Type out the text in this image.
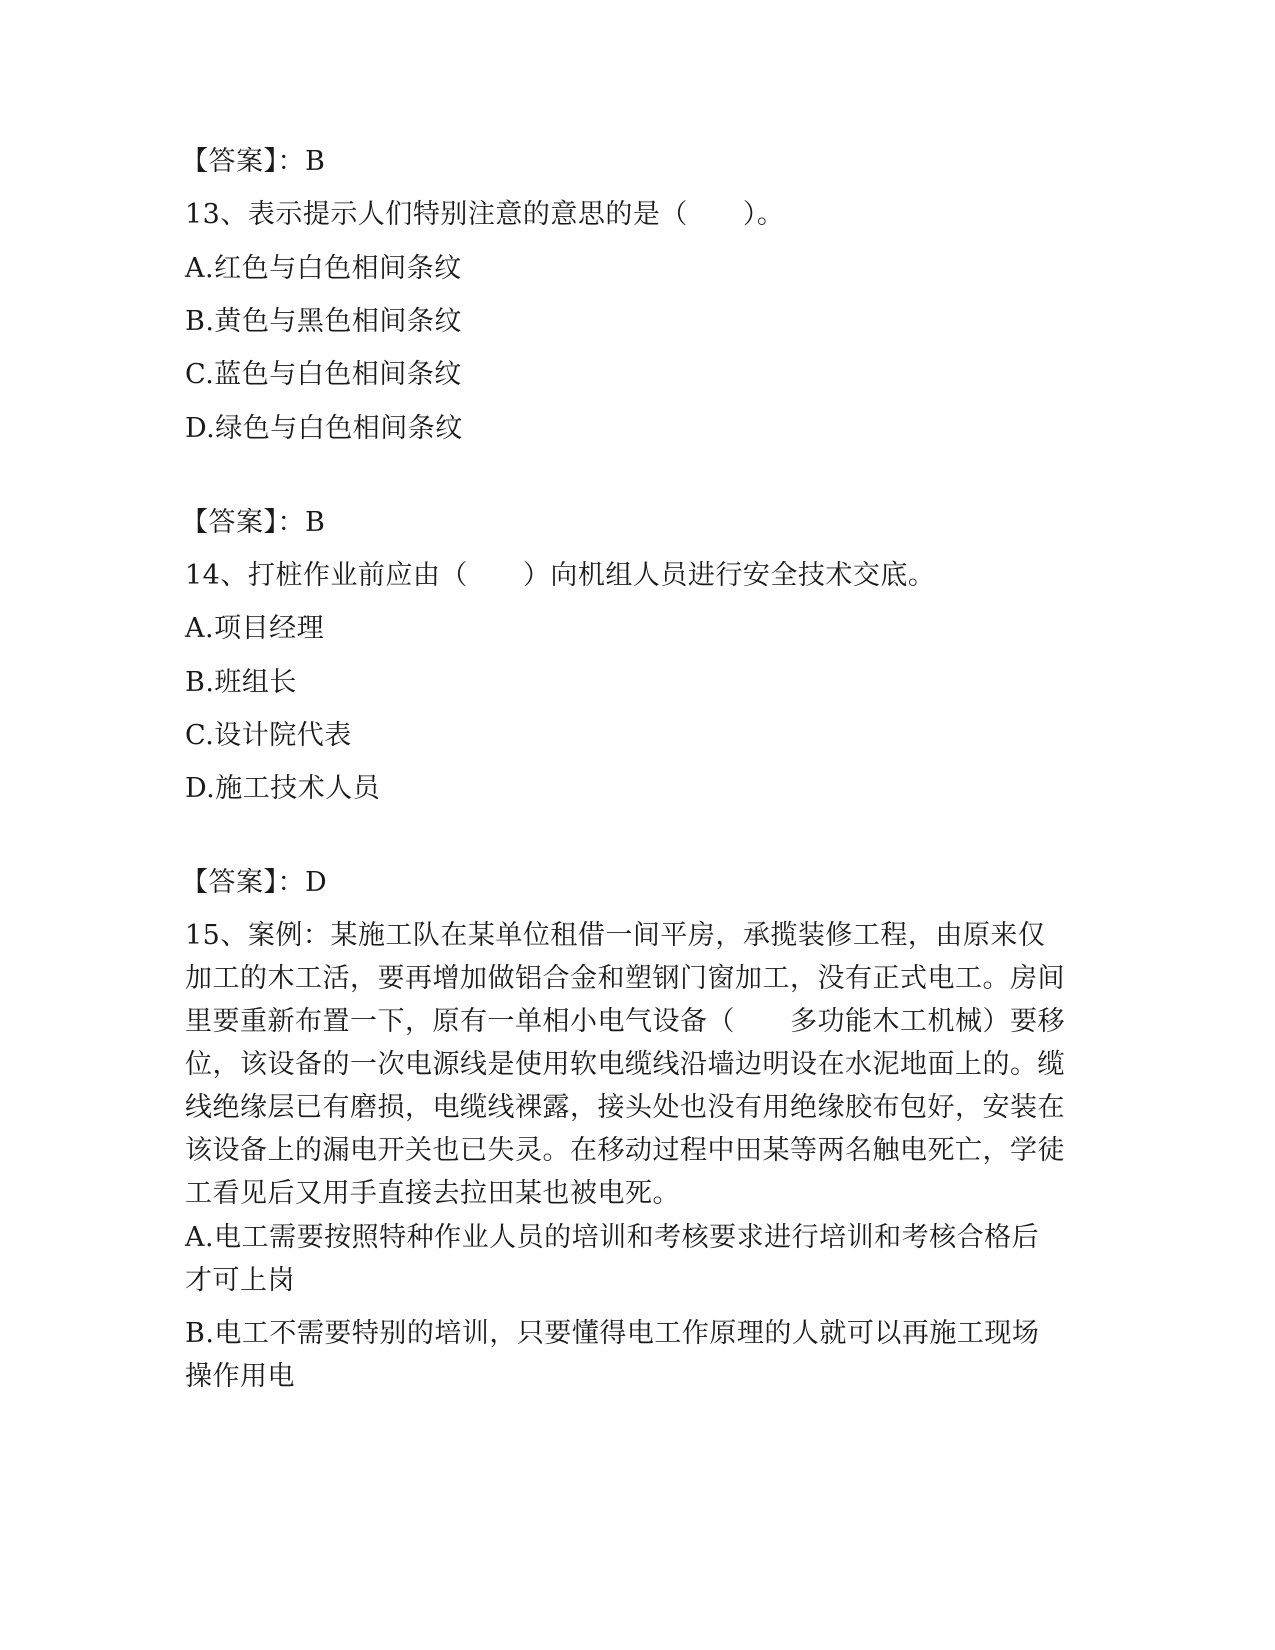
【答案】：B
13、表示提示人们特别注意的意思的是（　　）。
A.红色与白色相间条纹
B.黄色与黑色相间条纹
C.蓝色与白色相间条纹
D.绿色与白色相间条纹
【答案】：B
14、打桩作业前应由（　　）向机组人员进行安全技术交底。
A.项目经理
B.班组长
C.设计院代表
D.施工技术人员
【答案】：D
15、案例：某施工队在某单位租借一间平房，承揽装修工程，由原来仅加工的木工活，要再增加做铝合金和塑钢门窗加工，没有正式电工。房间里要重新布置一下，原有一单相小电气设备（　　多功能木工机械）要移位，该设备的一次电源线是使用软电缆线沿墙边明设在水泥地面上的。缆线绝缘层已有磨损，电缆线裸露，接头处也没有用绝缘胶布包好，安装在该设备上的漏电开关也已失灵。在移动过程中田某等两名触电死亡，学徒工看见后又用手直接去拉田某也被电死。
A.电工需要按照特种作业人员的培训和考核要求进行培训和考核合格后才可上岗
B.电工不需要特别的培训，只要懂得电工作原理的人就可以再施工现场操作用电
